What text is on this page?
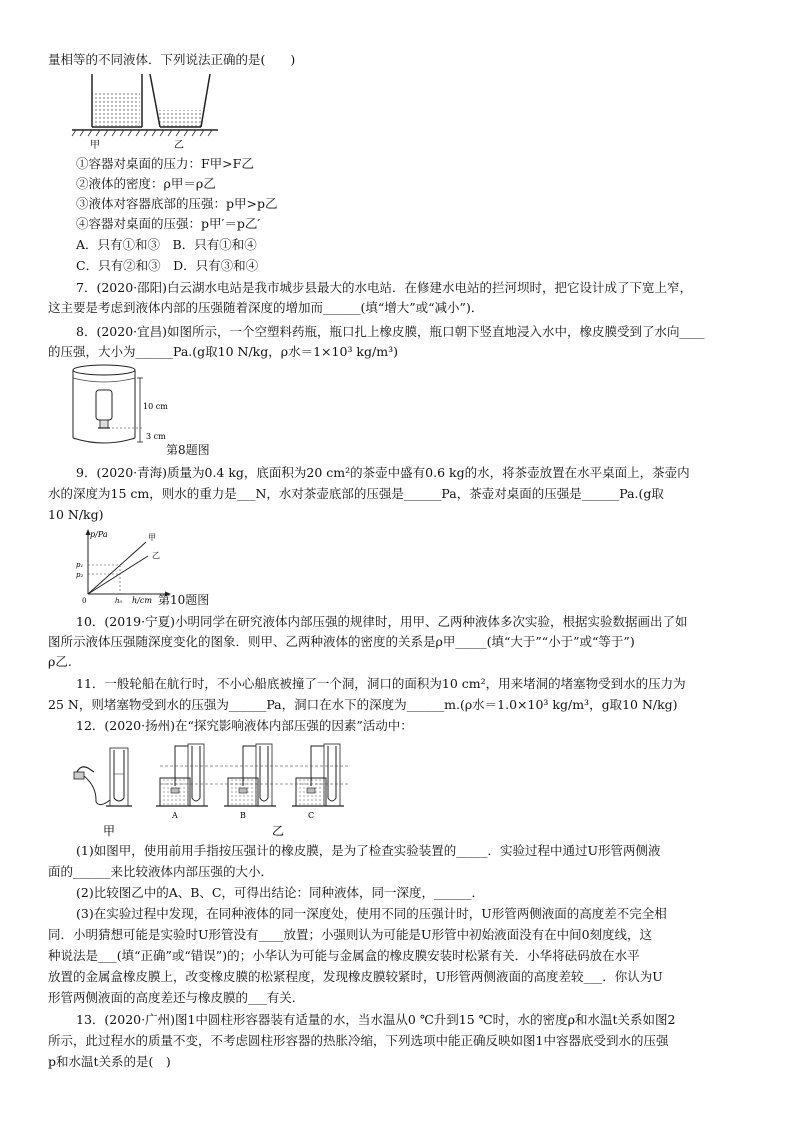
量相等的不同液体．下列说法正确的是(　　)
甲	乙
①容器对桌面的压力：F甲>F乙
②液体的密度：ρ甲＝ρ乙
③液体对容器底部的压强：p甲>p乙
④容器对桌面的压强：p甲′＝p乙′
A．只有①和③　B．只有①和④
C．只有②和③　D．只有③和④
7．(2020·邵阳)白云湖水电站是我市城步县最大的水电站．在修建水电站的拦河坝时，把它设计成了下宽上窄，
这主要是考虑到液体内部的压强随着深度的增加而______(填“增大”或“减小”)．
8．(2020·宜昌)如图所示，一个空塑料药瓶，瓶口扎上橡皮膜，瓶口朝下竖直地浸入水中，橡皮膜受到了水向____
的压强，大小为______Pa.(g取10 N/kg，ρ水＝1×10³ kg/m³)
10 cm
3 cm
第8题图
9．(2020·青海)质量为0.4 kg，底面积为20 cm²的茶壶中盛有0.6 kg的水，将茶壶放置在水平桌面上，茶壶内
水的深度为15 cm，则水的重力是___N，水对茶壶底部的压强是______Pa，茶壶对桌面的压强是______Pa.(g取
10 N/kg)
p/Pa	甲
乙
p₁
p₂
0	h₀ h/cm 第10题图
10．(2019·宁夏)小明同学在研究液体内部压强的规律时，用甲、乙两种液体多次实验，根据实验数据画出了如
图所示液体压强随深度变化的图象．则甲、乙两种液体的密度的关系是ρ甲_____(填“大于”“小于”或“等于”)
ρ乙.
11．一般轮船在航行时，不小心船底被撞了一个洞，洞口的面积为10 cm²，用来堵洞的堵塞物受到水的压力为
25 N，则堵塞物受到水的压强为______Pa，洞口在水下的深度为______m.(ρ水＝1.0×10³ kg/m³，g取10 N/kg)
12．(2020·扬州)在“探究影响液体内部压强的因素”活动中：
A	B	C
甲	乙
(1)如图甲，使用前用手指按压强计的橡皮膜，是为了检查实验装置的_____．实验过程中通过U形管两侧液
面的______来比较液体内部压强的大小．
(2)比较图乙中的A、B、C，可得出结论：同种液体，同一深度，______．
(3)在实验过程中发现，在同种液体的同一深度处，使用不同的压强计时，U形管两侧液面的高度差不完全相
同．小明猜想可能是实验时U形管没有____放置；小强则认为可能是U形管中初始液面没有在中间0刻度线，这
种说法是___(填“正确”或“错误”)的；小华认为可能与金属盒的橡皮膜安装时松紧有关．小华将砝码放在水平
放置的金属盒橡皮膜上，改变橡皮膜的松紧程度，发现橡皮膜较紧时，U形管两侧液面的高度差较___．你认为U
形管两侧液面的高度差还与橡皮膜的___有关．
13．(2020·广州)图1中圆柱形容器装有适量的水，当水温从0 ℃升到15 ℃时，水的密度ρ和水温t关系如图2
所示，此过程水的质量不变，不考虑圆柱形容器的热胀冷缩，下列选项中能正确反映如图1中容器底受到水的压强
p和水温t关系的是(　)
